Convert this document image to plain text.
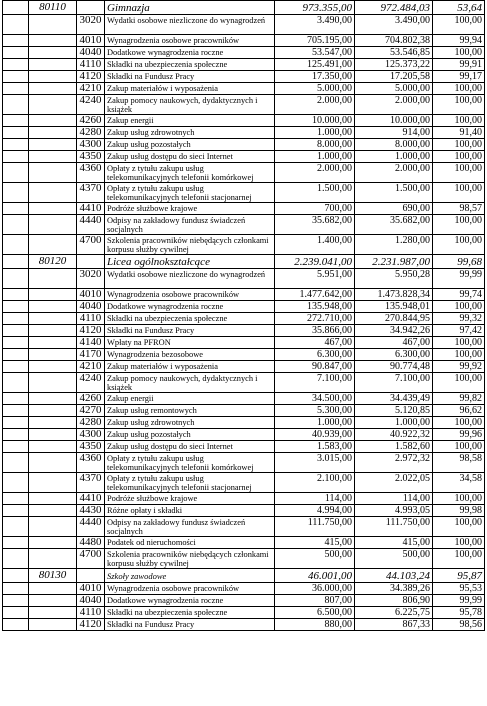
	80110		Gimnazja	973.355,00	972.484,03	53,64
		3020	Wydatki osobowe niezliczone do wynagrodzeń	3.490,00	3.490,00	100,00
		4010	Wynagrodzenia osobowe pracowników	705.195,00	704.802,38	99,94
		4040	Dodatkowe wynagrodzenia roczne	53.547,00	53.546,85	100,00
		4110	Składki na ubezpieczenia społeczne	125.491,00	125.373,22	99,91
		4120	Składki na Fundusz Pracy	17.350,00	17.205,58	99,17
		4210	Zakup materiałów i wyposażenia	5.000,00	5.000,00	100,00
		4240	Zakup pomocy naukowych, dydaktycznych i książek	2.000,00	2.000,00	100,00
		4260	Zakup energii	10.000,00	10.000,00	100,00
		4280	Zakup usług zdrowotnych	1.000,00	914,00	91,40
		4300	Zakup usług pozostałych	8.000,00	8.000,00	100,00
		4350	Zakup usług dostępu do sieci Internet	1.000,00	1.000,00	100,00
		4360	Opłaty z tytułu zakupu usług telekomunikacyjnych telefonii komórkowej	2.000,00	2.000,00	100,00
		4370	Opłaty z tytułu zakupu usług telekomunikacyjnych telefonii stacjonarnej	1.500,00	1.500,00	100,00
		4410	Podróże służbowe krajowe	700,00	690,00	98,57
		4440	Odpisy na zakładowy fundusz świadczeń socjalnych	35.682,00	35.682,00	100,00
		4700	Szkolenia pracowników niebędących członkami korpusu służby cywilnej	1.400,00	1.280,00	100,00
	80120		Licea ogólnokształcące	2.239.041,00	2.231.987,00	99,68
		3020	Wydatki osobowe niezliczone do wynagrodzeń	5.951,00	5.950,28	99,99
		4010	Wynagrodzenia osobowe pracowników	1.477.642,00	1.473.828,34	99,74
		4040	Dodatkowe wynagrodzenia roczne	135.948,00	135.948,01	100,00
		4110	Składki na ubezpieczenia społeczne	272.710,00	270.844,95	99,32
		4120	Składki na Fundusz Pracy	35.866,00	34.942,26	97,42
		4140	Wpłaty na PFRON	467,00	467,00	100,00
		4170	Wynagrodzenia bezosobowe	6.300,00	6.300,00	100,00
		4210	Zakup materiałów i wyposażenia	90.847,00	90.774,48	99,92
		4240	Zakup pomocy naukowych, dydaktycznych i książek	7.100,00	7.100,00	100,00
		4260	Zakup energii	34.500,00	34.439,49	99,82
		4270	Zakup usług remontowych	5.300,00	5.120,85	96,62
		4280	Zakup usług zdrowotnych	1.000,00	1.000,00	100,00
		4300	Zakup usług pozostałych	40.939,00	40.922,32	99,96
		4350	Zakup usług dostępu do sieci Internet	1.583,00	1.582,60	100,00
		4360	Opłaty z tytułu zakupu usług telekomunikacyjnych telefonii komórkowej	3.015,00	2.972,32	98,58
		4370	Opłaty z tytułu zakupu usług telekomunikacyjnych telefonii stacjonarnej	2.100,00	2.022,05	34,58
		4410	Podróże służbowe krajowe	114,00	114,00	100,00
		4430	Różne opłaty i składki	4.994,00	4.993,05	99,98
		4440	Odpisy na zakładowy fundusz świadczeń socjalnych	111.750,00	111.750,00	100,00
		4480	Podatek od nieruchomości	415,00	415,00	100,00
		4700	Szkolenia pracowników niebędących członkami korpusu służby cywilnej	500,00	500,00	100,00
	80130		Szkoły zawodowe	46.001,00	44.103,24	95,87
		4010	Wynagrodzenia osobowe pracowników	36.000,00	34.389,26	95,53
		4040	Dodatkowe wynagrodzenia roczne	807,00	806,90	99,99
		4110	Składki na ubezpieczenia społeczne	6.500,00	6.225,75	95,78
		4120	Składki na Fundusz Pracy	880,00	867,33	98,56
